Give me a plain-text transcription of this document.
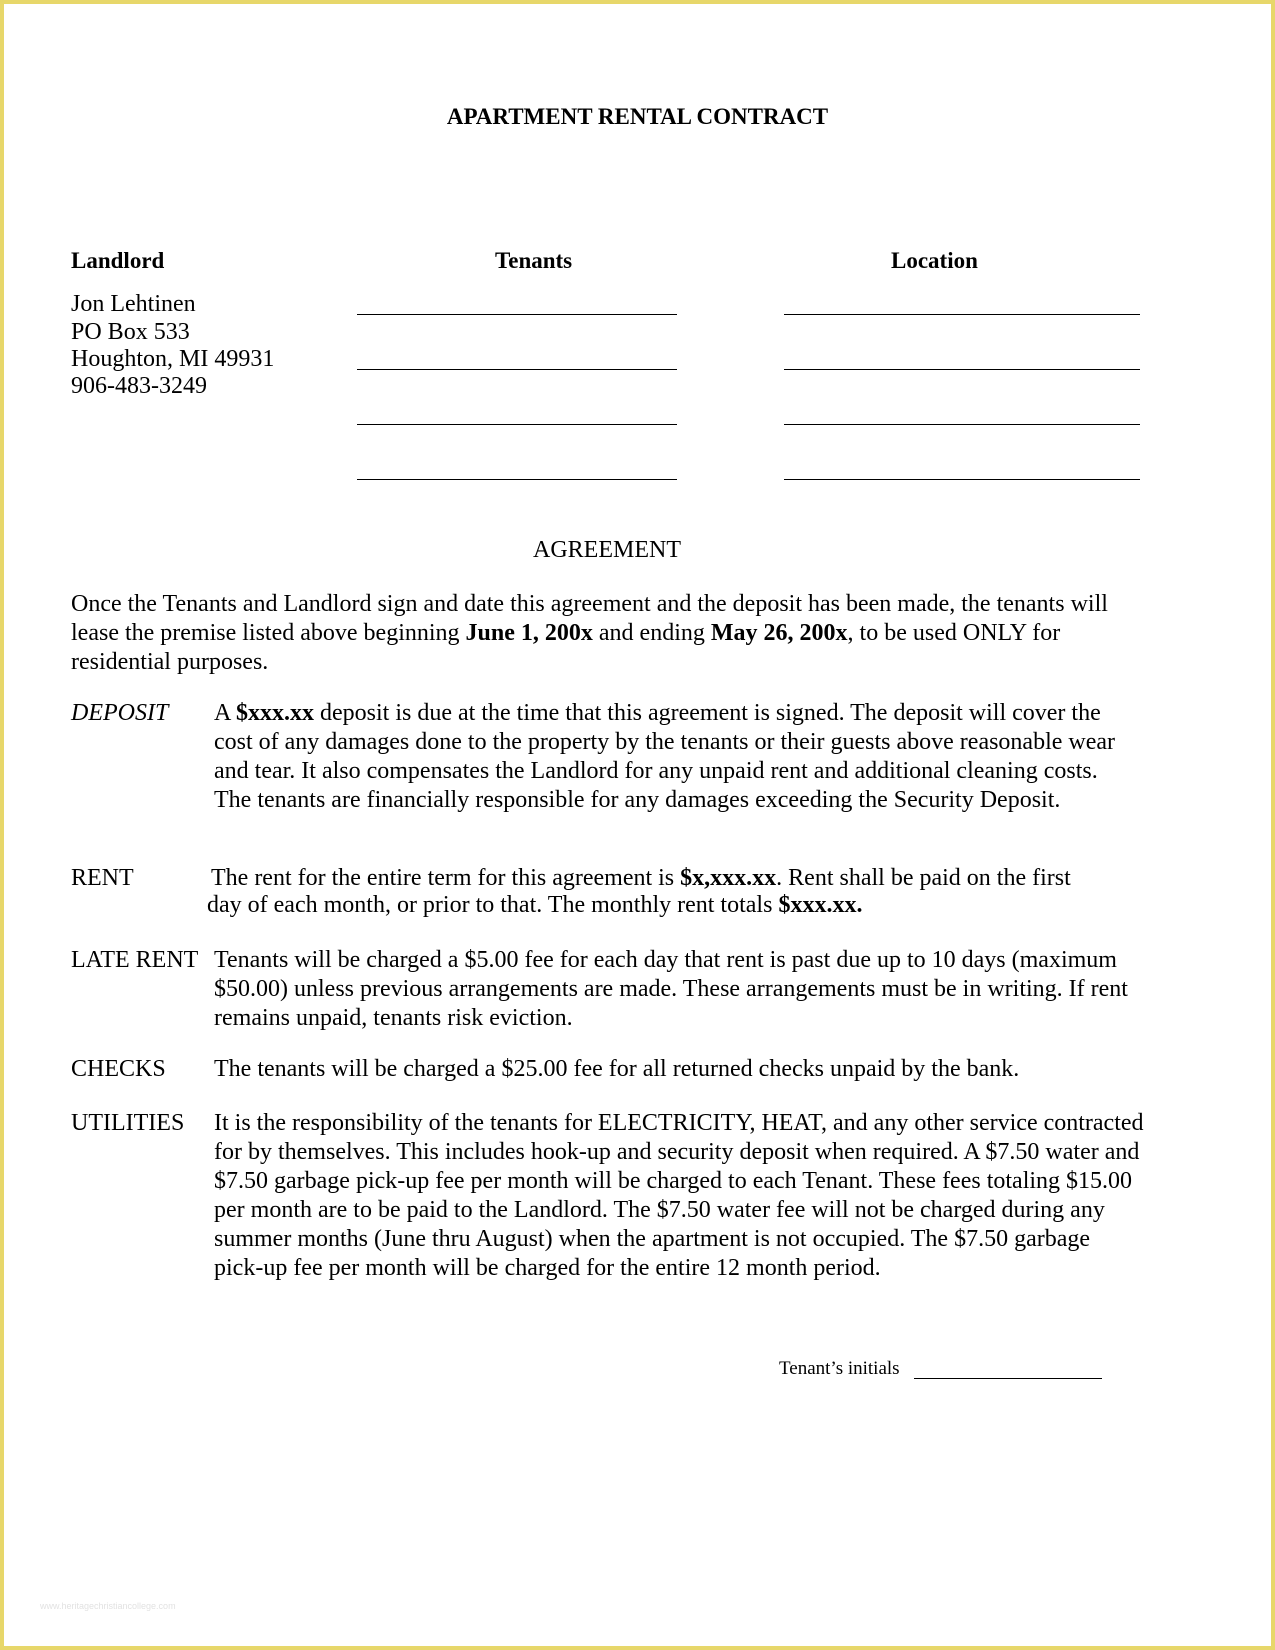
APARTMENT RENTAL CONTRACT
Landlord	Tenants	Location
Jon Lehtinen
PO Box 533
Houghton, MI 49931
906-483-3249
AGREEMENT
Once the Tenants and Landlord sign and date this agreement and the deposit has been made, the tenants will lease the premise listed above beginning June 1, 200x and ending May 26, 200x, to be used ONLY for residential purposes.
DEPOSIT A $xxx.xx deposit is due at the time that this agreement is signed. The deposit will cover the cost of any damages done to the property by the tenants or their guests above reasonable wear and tear. It also compensates the Landlord for any unpaid rent and additional cleaning costs. The tenants are financially responsible for any damages exceeding the Security Deposit.
RENT	The rent for the entire term for this agreement is $x,xxx.xx. Rent shall be paid on the first
day of each month, or prior to that. The monthly rent totals $xxx.xx.
LATE RENT Tenants will be charged a $5.00 fee for each day that rent is past due up to 10 days (maximum $50.00) unless previous arrangements are made. These arrangements must be in writing. If rent remains unpaid, tenants risk eviction.
CHECKS The tenants will be charged a $25.00 fee for all returned checks unpaid by the bank.
UTILITIES It is the responsibility of the tenants for ELECTRICITY, HEAT, and any other service contracted for by themselves. This includes hook-up and security deposit when required. A $7.50 water and $7.50 garbage pick-up fee per month will be charged to each Tenant. These fees totaling $15.00 per month are to be paid to the Landlord. The $7.50 water fee will not be charged during any summer months (June thru August) when the apartment is not occupied. The $7.50 garbage pick-up fee per month will be charged for the entire 12 month period.
Tenant’s initials
www.heritagechristiancollege.com
